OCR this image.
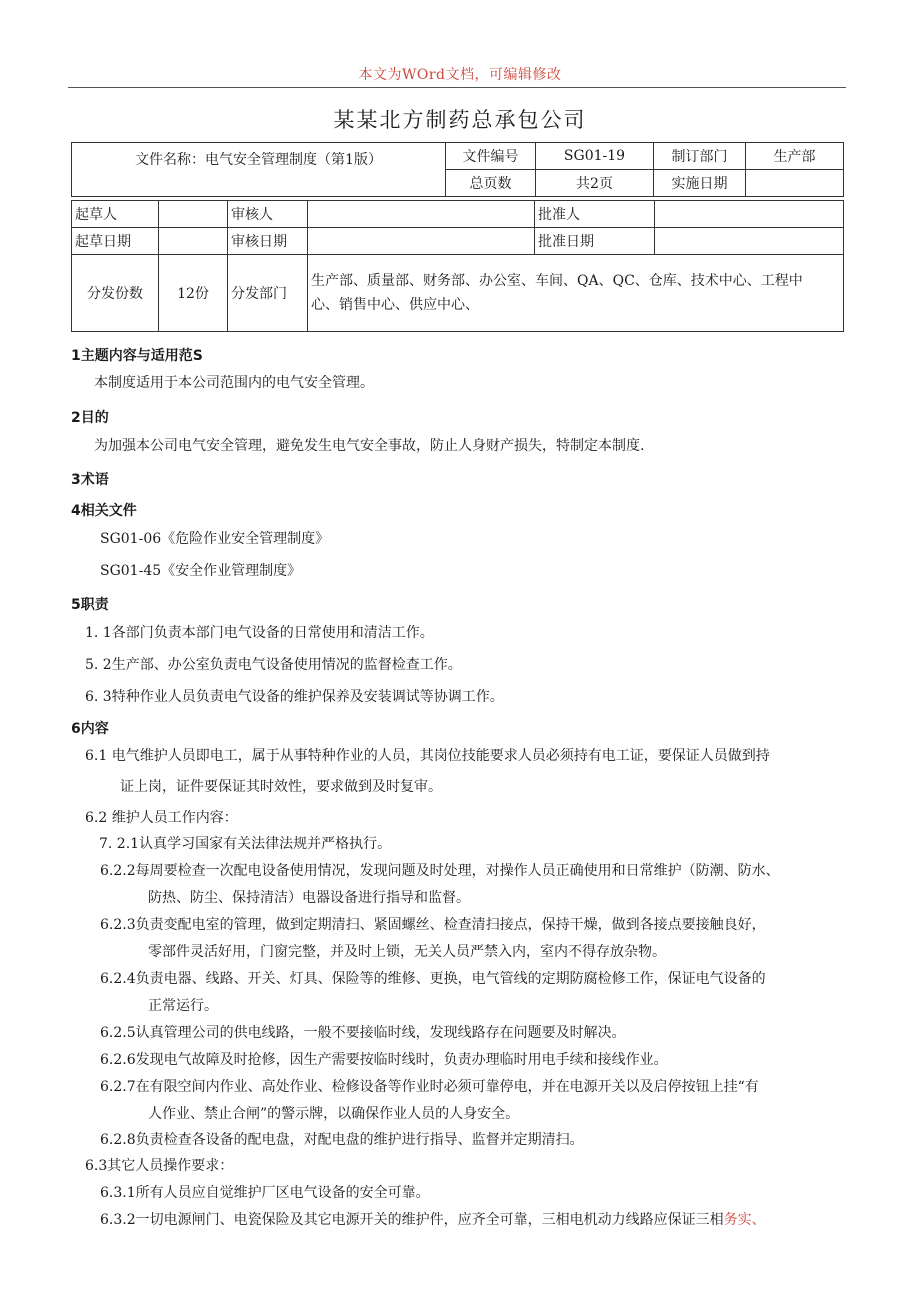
本文为WOrd文档，可编辑修改
某某北方制药总承包公司
文件名称：电气安全管理制度（第1版）	文件编号	SG01-19	制订部门	生产部
	总页数	共2页	实施日期	
起草人		审核人		批准人	
起草日期		审核日期		批准日期	
分发份数	12份	分发部门	生产部、质量部、财务部、办公室、车间、QA、QC、仓库、技术中心、工程中
心、销售中心、供应中心、		
1主题内容与适用范S
本制度适用于本公司范围内的电气安全管理。
2目的
为加强本公司电气安全管理，避免发生电气安全事故，防止人身财产损失，特制定本制度.
3术语
4相关文件
SG01-06《危险作业安全管理制度》
SG01-45《安全作业管理制度》
5职责
1. 1各部门负责本部门电气设备的日常使用和清洁工作。
5. 2生产部、办公室负责电气设备使用情况的监督检查工作。
6. 3特种作业人员负责电气设备的维护保养及安装调试等协调工作。
6内容
6.1 电气维护人员即电工，属于从事特种作业的人员，其岗位技能要求人员必须持有电工证，要保证人员做到持
证上岗，证件要保证其时效性，要求做到及时复审。
6.2 维护人员工作内容：
7. 2.1认真学习国家有关法律法规并严格执行。
6.2.2每周要检查一次配电设备使用情况，发现问题及时处理，对操作人员正确使用和日常维护（防潮、防水、
防热、防尘、保持清洁）电器设备进行指导和监督。
6.2.3负责变配电室的管理，做到定期清扫、紧固螺丝、检查清扫接点，保持干燥，做到各接点要接触良好，
零部件灵活好用，门窗完整，并及时上锁，无关人员严禁入内，室内不得存放杂物。
6.2.4负责电器、线路、开关、灯具、保险等的维修、更换，电气管线的定期防腐检修工作，保证电气设备的
正常运行。
6.2.5认真管理公司的供电线路，一般不要接临时线，发现线路存在问题要及时解决。
6.2.6发现电气故障及时抢修，因生产需要按临时线时，负责办理临时用电手续和接线作业。
6.2.7在有限空间内作业、高处作业、检修设备等作业时必须可靠停电，并在电源开关以及启停按钮上挂“有
人作业、禁止合闸”的警示牌，以确保作业人员的人身安全。
6.2.8负责检查各设备的配电盘，对配电盘的维护进行指导、监督并定期清扫。
6.3其它人员操作要求：
6.3.1所有人员应自觉维护厂区电气设备的安全可靠。
6.3.2一切电源闸门、电瓷保险及其它电源开关的维护件，应齐全可靠，三相电机动力线路应保证三相务实、
